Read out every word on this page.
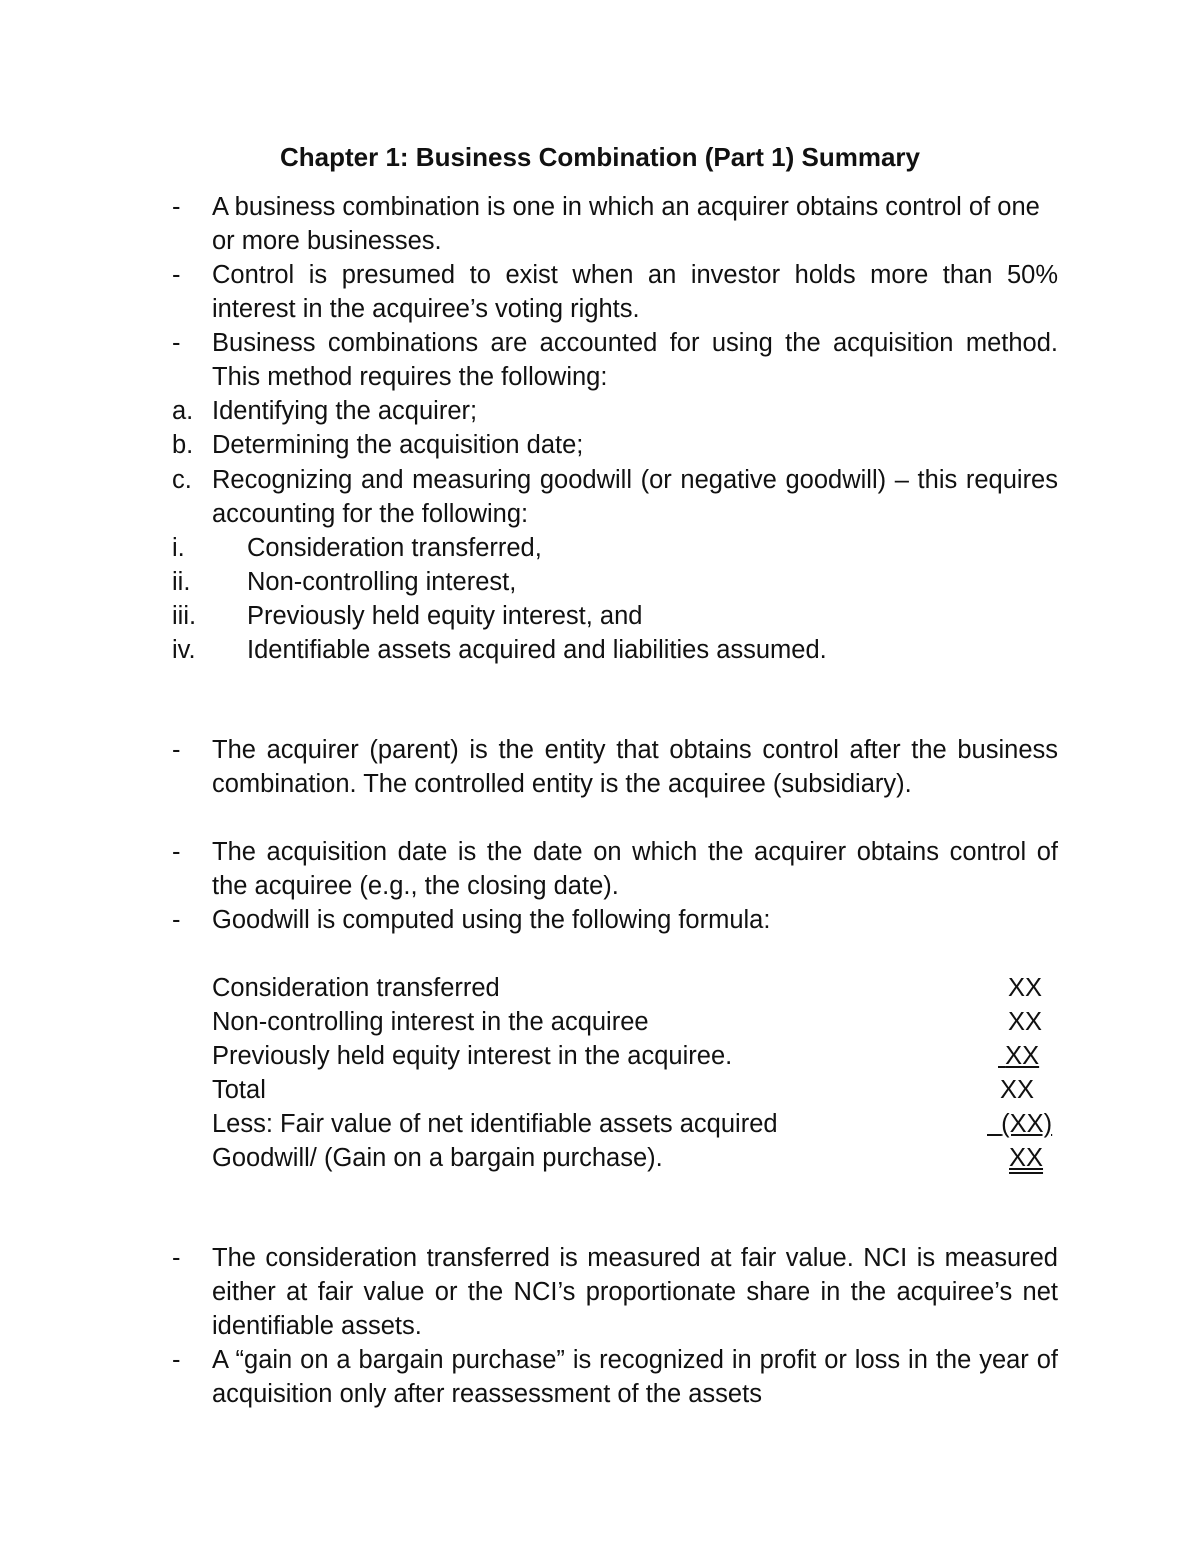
Chapter 1: Business Combination (Part 1) Summary
- A business combination is one in which an acquirer obtains control of one or more businesses.
- Control is presumed to exist when an investor holds more than 50% interest in the acquiree’s voting rights.
- Business combinations are accounted for using the acquisition method. This method requires the following:
a. Identifying the acquirer;
b. Determining the acquisition date;
c. Recognizing and measuring goodwill (or negative goodwill) – this requires accounting for the following:
i. Consideration transferred,
ii. Non-controlling interest,
iii. Previously held equity interest, and
iv. Identifiable assets acquired and liabilities assumed.
- The acquirer (parent) is the entity that obtains control after the business combination. The controlled entity is the acquiree (subsidiary).
- The acquisition date is the date on which the acquirer obtains control of the acquiree (e.g., the closing date).
- Goodwill is computed using the following formula:
Consideration transferred	XX
Non-controlling interest in the acquiree	XX
Previously held equity interest in the acquiree.	XX
Total	XX
Less: Fair value of net identifiable assets acquired	(XX)
Goodwill/ (Gain on a bargain purchase).	XX
- The consideration transferred is measured at fair value. NCI is measured either at fair value or the NCI’s proportionate share in the acquiree’s net identifiable assets.
- A “gain on a bargain purchase” is recognized in profit or loss in the year of acquisition only after reassessment of the assets
